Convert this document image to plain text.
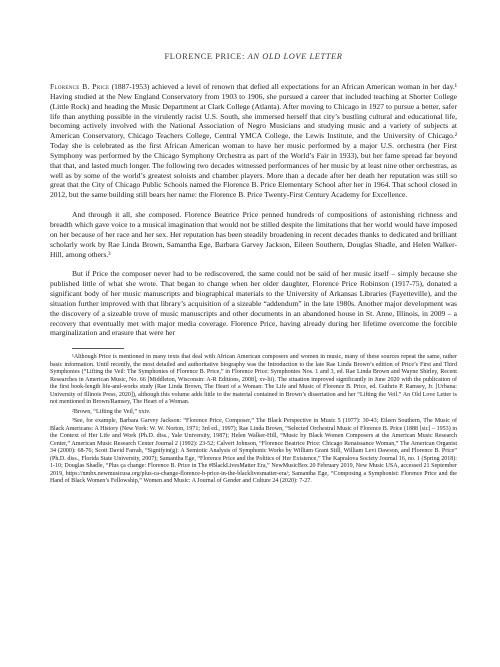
FLORENCE PRICE: AN OLD LOVE LETTER

Florence B. Price (1887-1953) achieved a level of renown that defied all expectations for an African American woman in her day.¹ Having studied at the New England Conservatory from 1903 to 1906, she pursued a career that included teaching at Shorter College (Little Rock) and heading the Music Department at Clark College (Atlanta). After moving to Chicago in 1927 to pursue a better, safer life than anything possible in the virulently racist U.S. South, she immersed herself that city’s bustling cultural and educational life, becoming actively involved with the National Association of Negro Musicians and studying music and a variety of subjects at American Conservatory, Chicago Teachers College, Central YMCA College, the Lewis Institute, and the University of Chicago.² Today she is celebrated as the first African American woman to have her music performed by a major U.S. orchestra (her First Symphony was performed by the Chicago Symphony Orchestra as part of the World’s Fair in 1933), but her fame spread far beyond that that, and lasted much longer. The following two decades witnessed performances of her music by at least nine other orchestras, as well as by some of the world’s greatest soloists and chamber players. More than a decade after her death her reputation was still so great that the City of Chicago Public Schools named the Florence B. Price Elementary School after her in 1964. That school closed in 2012, but the same building still bears her name: the Florence B. Price Twenty-First Century Academy for Excellence.

And through it all, she composed. Florence Beatrice Price penned hundreds of compositions of astonishing richness and breadth which gave voice to a musical imagination that would not be stilled despite the limitations that her world would have imposed on her because of her race and her sex. Her reputation has been steadily broadening in recent decades thanks to dedicated and brilliant scholarly work by Rae Linda Brown, Samantha Ege, Barbara Garvey Jackson, Eileen Southern, Douglas Shadle, and Helen Walker-Hill, among others.³

But if Price the composer never had to be rediscovered, the same could not be said of her music itself – simply because she published little of what she wrote. That began to change when her older daughter, Florence Price Robinson (1917-75), donated a significant body of her music manuscripts and biographical materials to the University of Arkansas Libraries (Fayetteville), and the situation further improved with that library’s acquisition of a sizeable “addendum” in the late 1980s. Another major development was the discovery of a sizeable trove of music manuscripts and other documents in an abandoned house in St. Anne, Illinois, in 2009 – a recovery that eventually met with major media coverage. Florence Price, having already during her lifetime overcome the forcible marginalization and erasure that were her

¹Although Price is mentioned in many texts that deal with African American composers and women in music, many of these sources repeat the same, rather basic information. Until recently, the most detailed and authoritative biography was the Introduction to the late Rae Linda Brown’s edition of Price’s First and Third Symphonies (“Lifting the Veil: The Symphonies of Florence B. Price,” in Florence Price: Symphonies Nos. 1 and 3, ed. Rae Linda Brown and Wayne Shirley, Recent Researches in American Music, No. 66 [Middleton, Wisconsin: A-R Editions, 2008], xv-lii). The situation improved significantly in June 2020 with the publication of the first book-length life-and-works study (Rae Linda Brown, The Heart of a Woman: The Life and Music of Florence B. Price, ed. Guthrie P. Ramsey, Jr. [Urbana: University of Illinois Press, 2020]), although this volume adds little to the material contained in Brown’s dissertation and her “Lifting the Veil.” An Old Love Letter is not mentioned in Brown/Ramsey, The Heart of a Woman.

²Brown, “Lifting the Veil,” xxiv.

³See, for example, Barbara Garvey Jackson: “Florence Price, Composer,” The Black Perspective in Music 5 (1977): 30-43; Eileen Southern, The Music of Black Americans: A History (New York: W. W. Norton, 1971; 3rd ed., 1997); Rae Linda Brown, “Selected Orchestral Music of Florence B. Price (1888 [sic] – 1953) in the Context of Her Life and Work (Ph.D. diss., Yale University, 1987); Helen Walker-Hill, “Music by Black Women Composers at the American Music Research Center,” American Music Research Center Journal 2 (1992): 23-52; Calvert Johnson, “Florence Beatrice Price: Chicago Renaissance Woman,” The American Organist 34 (2000): 68-76; Scott David Farrah, “Signifyin(g): A Semiotic Analysis of Symphonic Works by William Grant Still, William Levi Dawson, and Florence B. Price” (Ph.D. diss., Florida State University, 2007); Samantha Ege, “Florence Price and the Politics of Her Existence,” The Kapralova Society Journal 16, no. 1 (Spring 2018): 1-10; Douglas Shadle, “Plus ça change: Florence B. Price in The #BlackLivesMatter Era,” NewMusicBox 20 February 2019, New Music USA, accessed 21 September 2019, https://nmbx.newmusicusa.org/plus-ca-change-florence-b-price-in-the-blacklivesmatter-era/; Samantha Ege, “Composing a Symphonist: Florence Price and the Hand of Black Women’s Fellowship,” Women and Music: A Journal of Gender and Culture 24 (2020): 7-27.
